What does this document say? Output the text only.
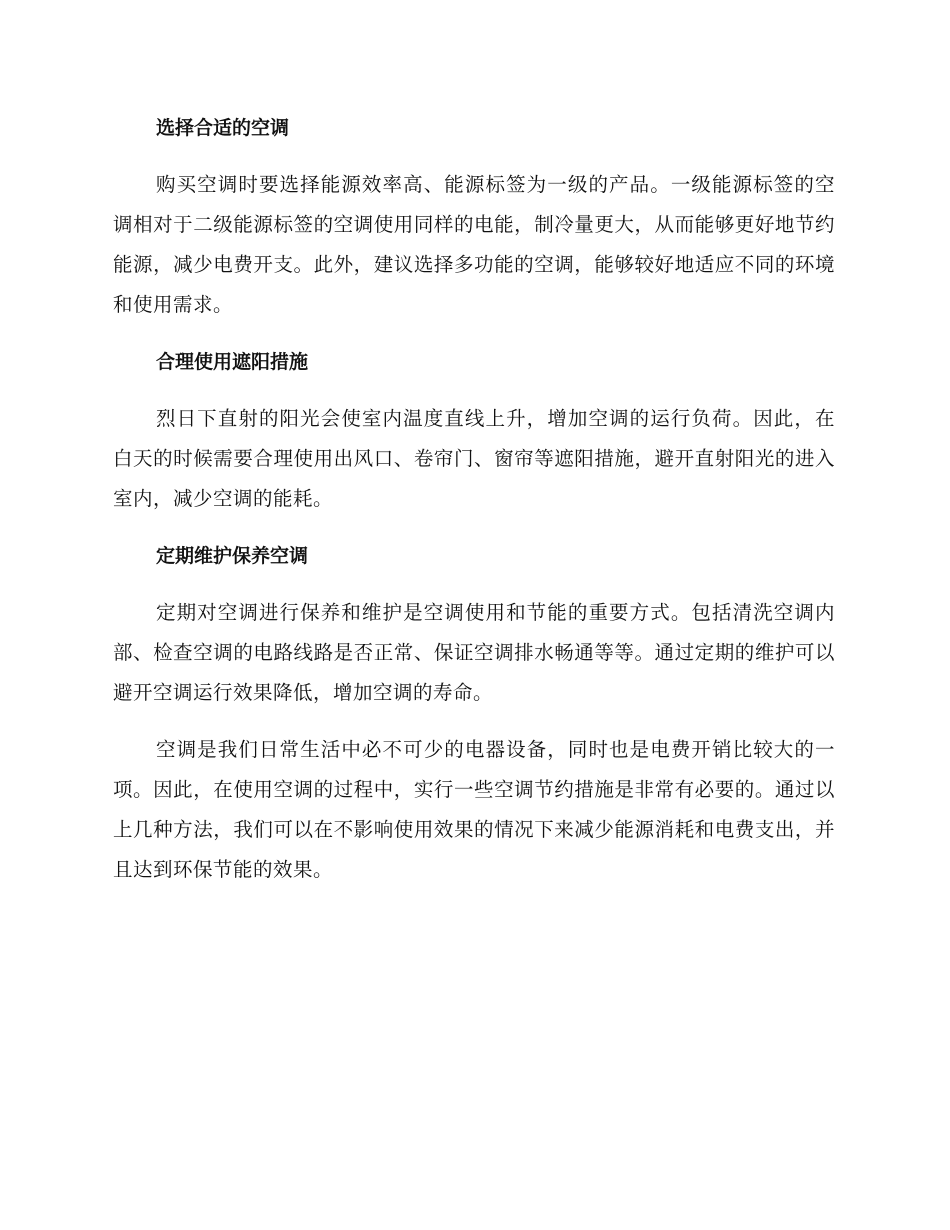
选择合适的空调

购买空调时要选择能源效率高、能源标签为一级的产品。一级能源标签的空调相对于二级能源标签的空调使用同样的电能，制冷量更大，从而能够更好地节约能源，减少电费开支。此外，建议选择多功能的空调，能够较好地适应不同的环境和使用需求。

合理使用遮阳措施

烈日下直射的阳光会使室内温度直线上升，增加空调的运行负荷。因此，在白天的时候需要合理使用出风口、卷帘门、窗帘等遮阳措施，避开直射阳光的进入室内，减少空调的能耗。

定期维护保养空调

定期对空调进行保养和维护是空调使用和节能的重要方式。包括清洗空调内部、检查空调的电路线路是否正常、保证空调排水畅通等等。通过定期的维护可以避开空调运行效果降低，增加空调的寿命。

空调是我们日常生活中必不可少的电器设备，同时也是电费开销比较大的一项。因此，在使用空调的过程中，实行一些空调节约措施是非常有必要的。通过以上几种方法，我们可以在不影响使用效果的情况下来减少能源消耗和电费支出，并且达到环保节能的效果。
